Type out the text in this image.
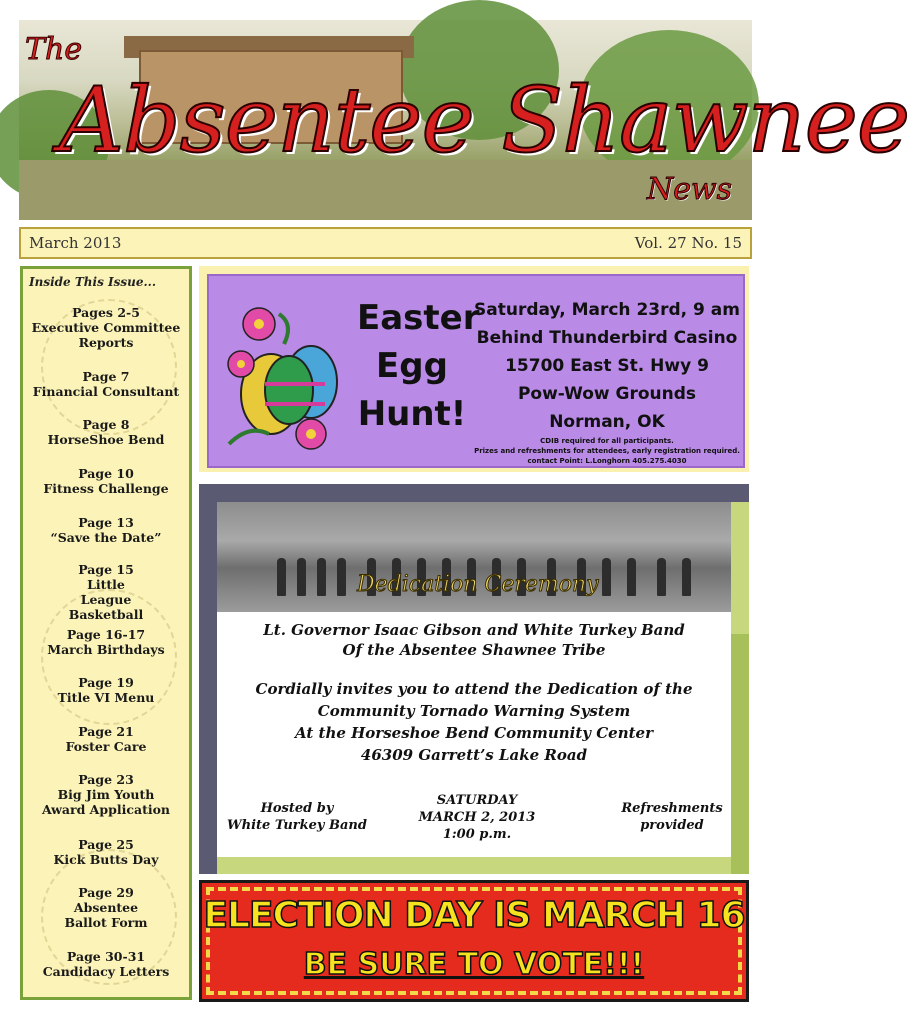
The
Absentee Shawnee
News
March 2013	Vol. 27 No. 15
Inside This Issue...
Pages 2-5
Executive Committee Reports
Page 7
Financial Consultant
Page 8
HorseShoe Bend
Page 10
Fitness Challenge
Page 13
“Save the Date”
Page 15
Little League Basketball
Page 16-17
March Birthdays
Page 19
Title VI Menu
Page 21
Foster Care
Page 23
Big Jim Youth Award Application
Page 25
Kick Butts Day
Page 29
Absentee Ballot Form
Page 30-31
Candidacy Letters
Easter
Egg
Hunt!
Saturday, March 23rd, 9 am
Behind Thunderbird Casino
15700 East St. Hwy 9
Pow-Wow Grounds
Norman, OK
CDIB required for all participants.
Prizes and refreshments for attendees, early registration required.
contact Point: L.Longhorn 405.275.4030
Dedication Ceremony
Lt. Governor Isaac Gibson and White Turkey Band
Of the Absentee Shawnee Tribe
Cordially invites you to attend the Dedication of the
Community Tornado Warning System
At the Horseshoe Bend Community Center
46309 Garrett’s Lake Road
Hosted by
White Turkey Band
SATURDAY
MARCH 2, 2013
1:00 p.m.
Refreshments
provided
ELECTION DAY IS MARCH 16
BE SURE TO VOTE!!!
